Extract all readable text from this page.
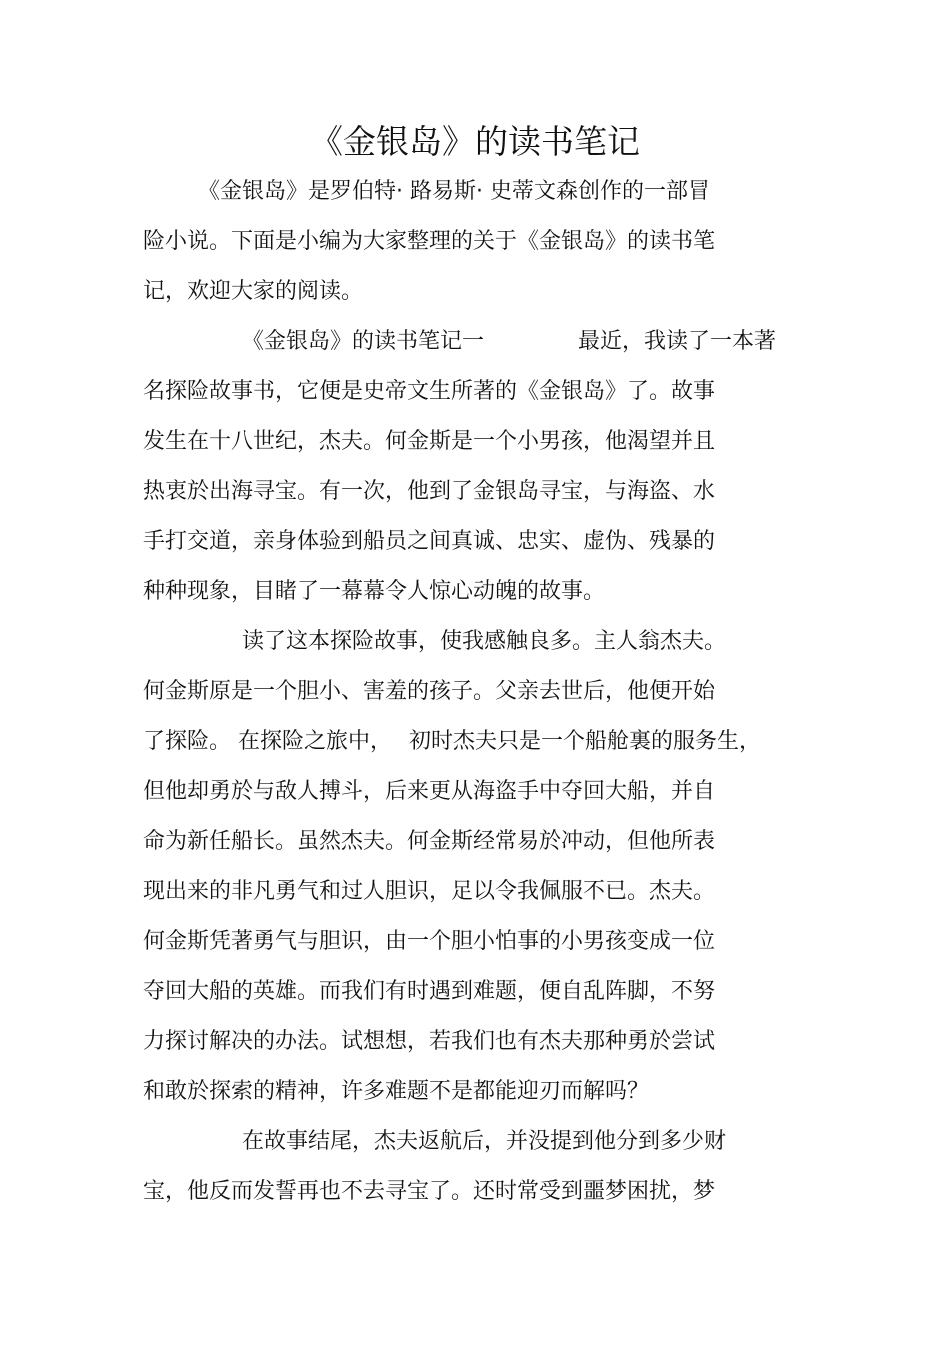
《金银岛》的读书笔记
《金银岛》是罗伯特· 路易斯· 史蒂文森创作的一部冒
险小说。下面是小编为大家整理的关于《金银岛》的读书笔
记，欢迎大家的阅读。
《金银岛》的读书笔记一	最近，我读了一本著
名探险故事书，它便是史帝文生所著的《金银岛》了。故事
发生在十八世纪，杰夫。何金斯是一个小男孩，他渴望并且
热衷於出海寻宝。有一次，他到了金银岛寻宝，与海盗、水
手打交道，亲身体验到船员之间真诚、忠实、虚伪、残暴的
种种现象，目睹了一幕幕令人惊心动魄的故事。
读了这本探险故事，使我感触良多。主人翁杰夫。
何金斯原是一个胆小、害羞的孩子。父亲去世后，他便开始
了探险。 在探险之旅中， 初时杰夫只是一个船舱裏的服务生，
但他却勇於与敌人搏斗，后来更从海盗手中夺回大船，并自
命为新任船长。虽然杰夫。何金斯经常易於冲动，但他所表
现出来的非凡勇气和过人胆识，足以令我佩服不已。杰夫。
何金斯凭著勇气与胆识，由一个胆小怕事的小男孩变成一位
夺回大船的英雄。而我们有时遇到难题，便自乱阵脚，不努
力探讨解决的办法。试想想，若我们也有杰夫那种勇於尝试
和敢於探索的精神，许多难题不是都能迎刃而解吗？
在故事结尾，杰夫返航后，并没提到他分到多少财
宝，他反而发誓再也不去寻宝了。还时常受到噩梦困扰，梦
